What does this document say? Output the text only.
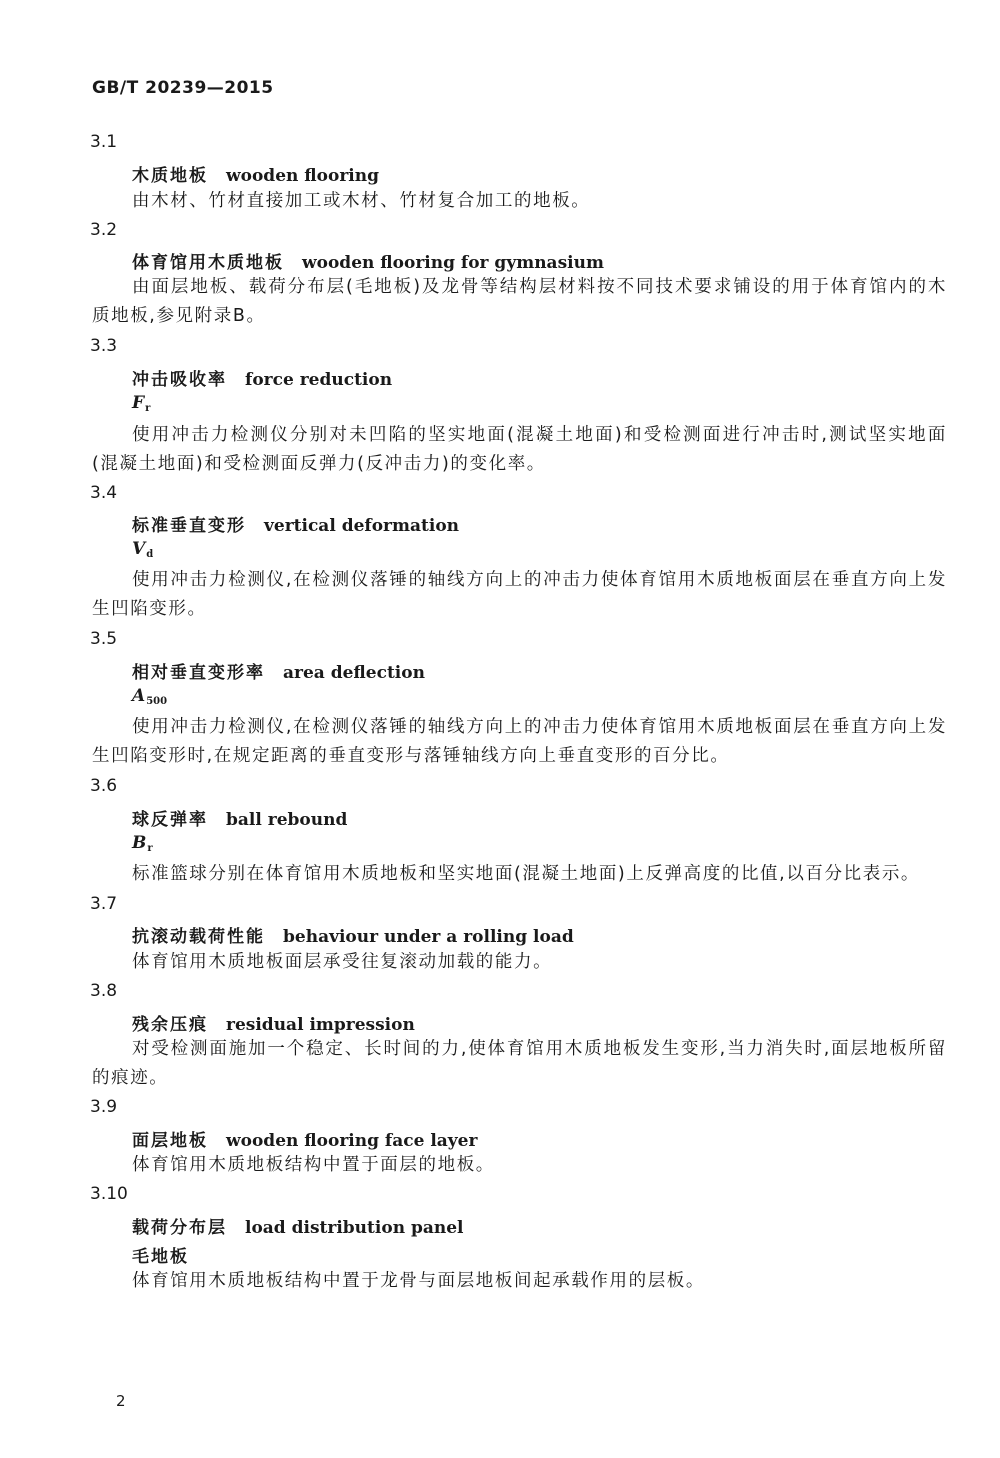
GB/T 20239—2015
3.1
木质地板 wooden flooring
由木材、竹材直接加工或木材、竹材复合加工的地板。
3.2
体育馆用木质地板 wooden flooring for gymnasium
由面层地板、载荷分布层(毛地板)及龙骨等结构层材料按不同技术要求铺设的用于体育馆内的木质地板,参见附录B。
3.3
冲击吸收率 force reduction
$F_r$
使用冲击力检测仪分别对未凹陷的坚实地面(混凝土地面)和受检测面进行冲击时,测试坚实地面(混凝土地面)和受检测面反弹力(反冲击力)的变化率。
3.4
标准垂直变形 vertical deformation
$V_d$
使用冲击力检测仪,在检测仪落锤的轴线方向上的冲击力使体育馆用木质地板面层在垂直方向上发生凹陷变形。
3.5
相对垂直变形率 area deflection
$A_{500}$
使用冲击力检测仪,在检测仪落锤的轴线方向上的冲击力使体育馆用木质地板面层在垂直方向上发生凹陷变形时,在规定距离的垂直变形与落锤轴线方向上垂直变形的百分比。
3.6
球反弹率 ball rebound
$B_r$
标准篮球分别在体育馆用木质地板和坚实地面(混凝土地面)上反弹高度的比值,以百分比表示。
3.7
抗滚动载荷性能 behaviour under a rolling load
体育馆用木质地板面层承受往复滚动加载的能力。
3.8
残余压痕 residual impression
对受检测面施加一个稳定、长时间的力,使体育馆用木质地板发生变形,当力消失时,面层地板所留的痕迹。
3.9
面层地板 wooden flooring face layer
体育馆用木质地板结构中置于面层的地板。
3.10
载荷分布层 load distribution panel
毛地板
体育馆用木质地板结构中置于龙骨与面层地板间起承载作用的层板。
2
